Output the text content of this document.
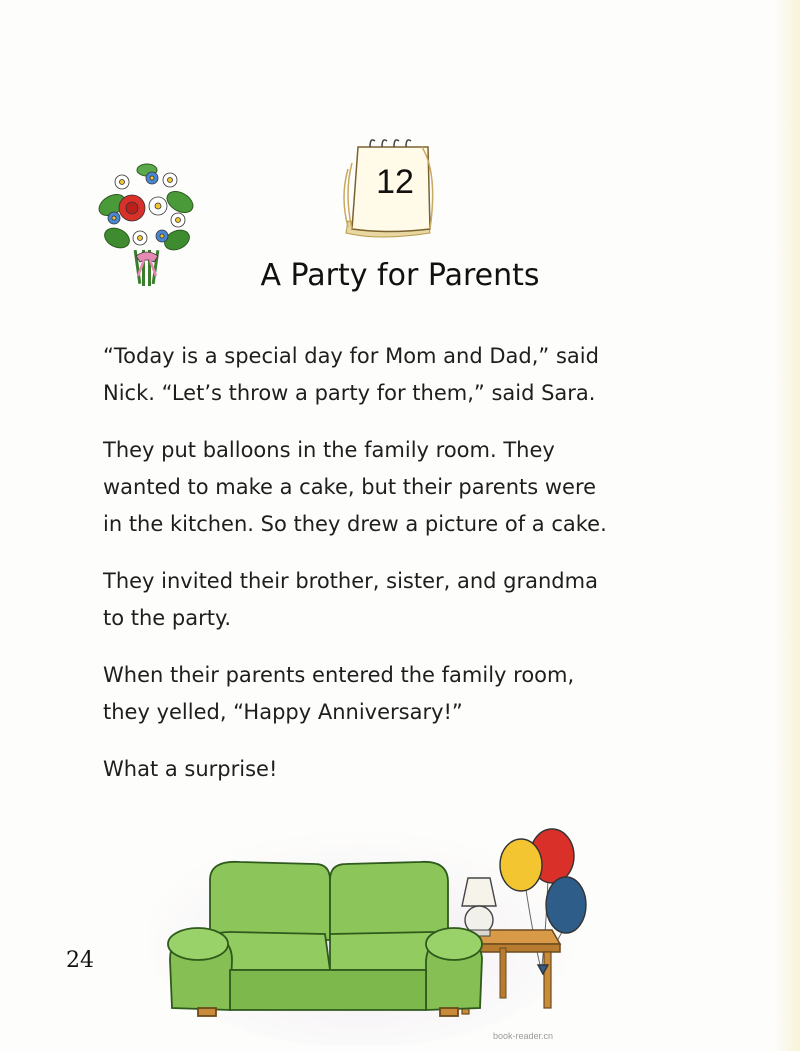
12
A Party for Parents

“Today is a special day for Mom and Dad,” said
Nick. “Let’s throw a party for them,” said Sara.

They put balloons in the family room. They
wanted to make a cake, but their parents were
in the kitchen. So they drew a picture of a cake.

They invited their brother, sister, and grandma
to the party.

When their parents entered the family room,
they yelled, “Happy Anniversary!”

What a surprise!

24
book-reader.cn
